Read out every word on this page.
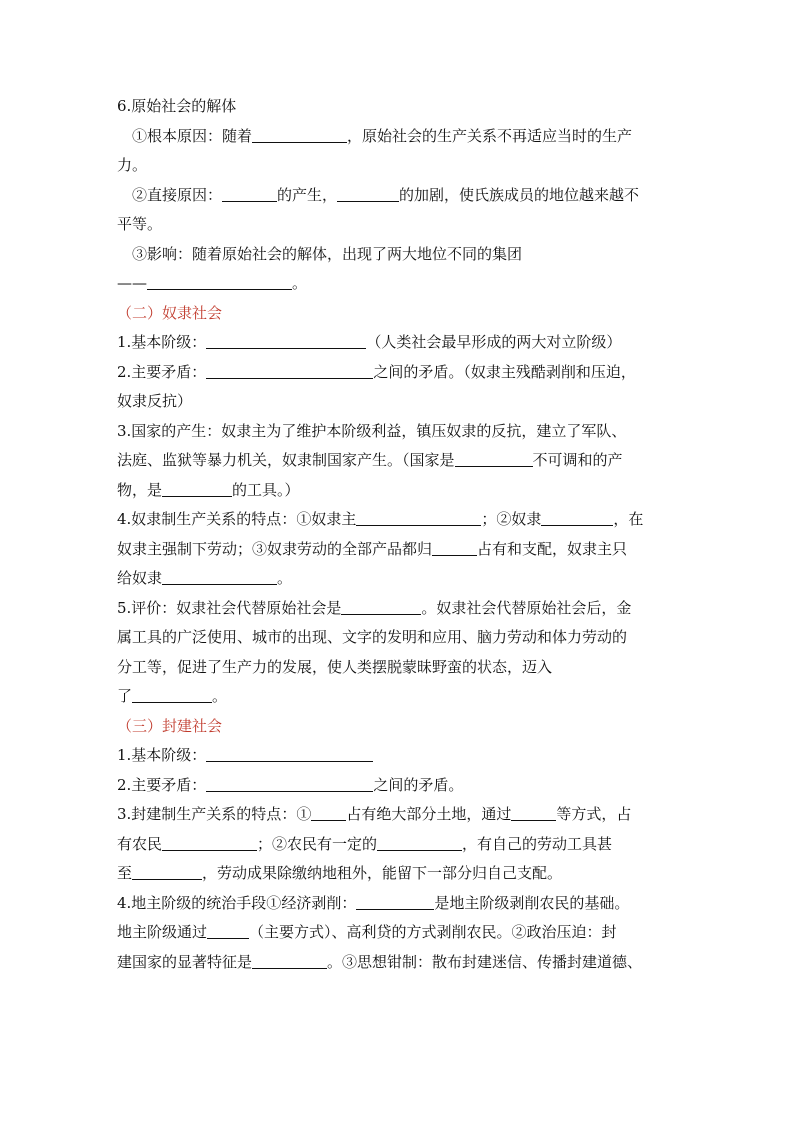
6.原始社会的解体
①根本原因：随着	，原始社会的生产关系不再适应当时的生产
力。
②直接原因：	的产生，	的加剧，使氏族成员的地位越来越不
平等。
③影响：随着原始社会的解体，出现了两大地位不同的集团
——	。
（二）奴隶社会
1.基本阶级：	（人类社会最早形成的两大对立阶级）
2.主要矛盾：	之间的矛盾。（奴隶主残酷剥削和压迫，
奴隶反抗）
3.国家的产生：奴隶主为了维护本阶级利益，镇压奴隶的反抗，建立了军队、
法庭、监狱等暴力机关，奴隶制国家产生。（国家是	不可调和的产
物，是	的工具。）
4.奴隶制生产关系的特点：①奴隶主	；②奴隶	，在
奴隶主强制下劳动；③奴隶劳动的全部产品都归	占有和支配，奴隶主只
给奴隶	。
5.评价：奴隶社会代替原始社会是	。奴隶社会代替原始社会后，金
属工具的广泛使用、城市的出现、文字的发明和应用、脑力劳动和体力劳动的
分工等，促进了生产力的发展，使人类摆脱蒙昧野蛮的状态，迈入
了	。
（三）封建社会
1.基本阶级：
2.主要矛盾：	之间的矛盾。
3.封建制生产关系的特点：① 占有绝大部分土地，通过	等方式，占
有农民	；②农民有一定的	，有自己的劳动工具甚
至	，劳动成果除缴纳地租外，能留下一部分归自己支配。
4.地主阶级的统治手段①经济剥削：	是地主阶级剥削农民的基础。
地主阶级通过	（主要方式）、高利贷的方式剥削农民。②政治压迫：封
建国家的显著特征是	。③思想钳制：散布封建迷信、传播封建道德、
